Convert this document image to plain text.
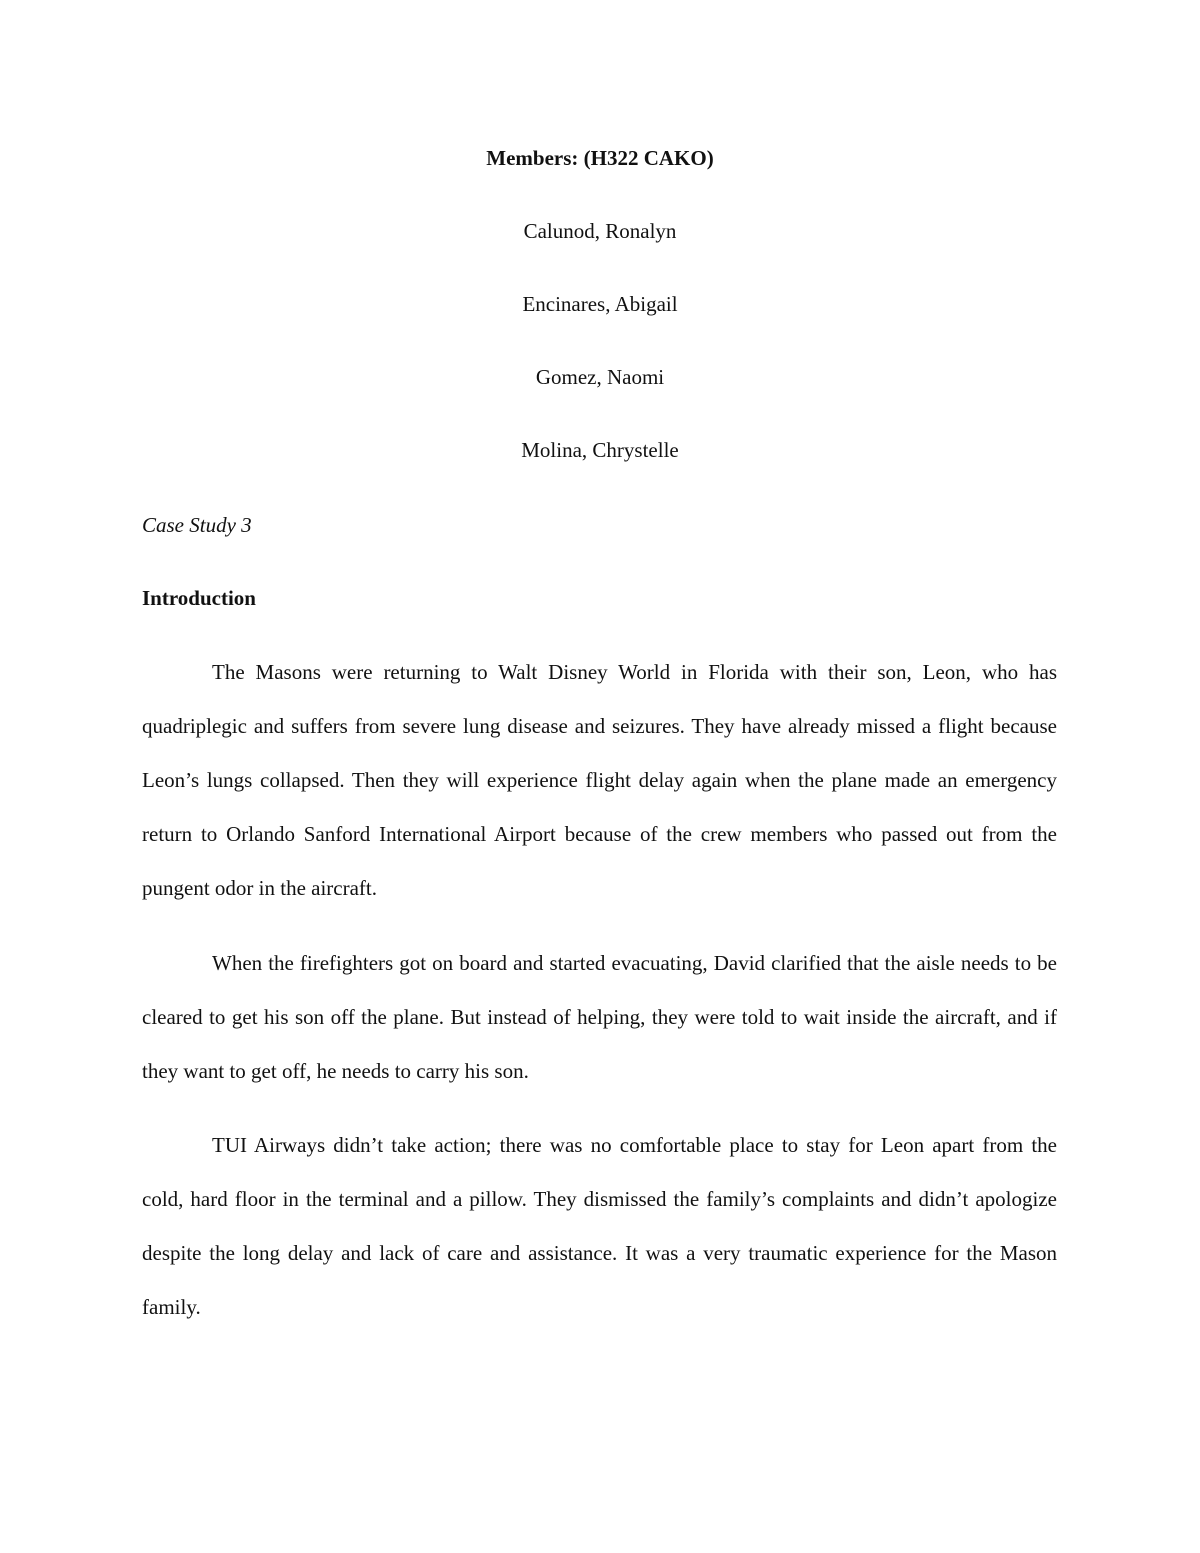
Members: (H322 CAKO)
Calunod, Ronalyn
Encinares, Abigail
Gomez, Naomi
Molina, Chrystelle
Case Study 3
Introduction

The Masons were returning to Walt Disney World in Florida with their son, Leon, who has quadriplegic and suffers from severe lung disease and seizures. They have already missed a flight because Leon’s lungs collapsed. Then they will experience flight delay again when the plane made an emergency return to Orlando Sanford International Airport because of the crew members who passed out from the pungent odor in the aircraft.

When the firefighters got on board and started evacuating, David clarified that the aisle needs to be cleared to get his son off the plane. But instead of helping, they were told to wait inside the aircraft, and if they want to get off, he needs to carry his son.

TUI Airways didn’t take action; there was no comfortable place to stay for Leon apart from the cold, hard floor in the terminal and a pillow. They dismissed the family’s complaints and didn’t apologize despite the long delay and lack of care and assistance. It was a very traumatic experience for the Mason family.
